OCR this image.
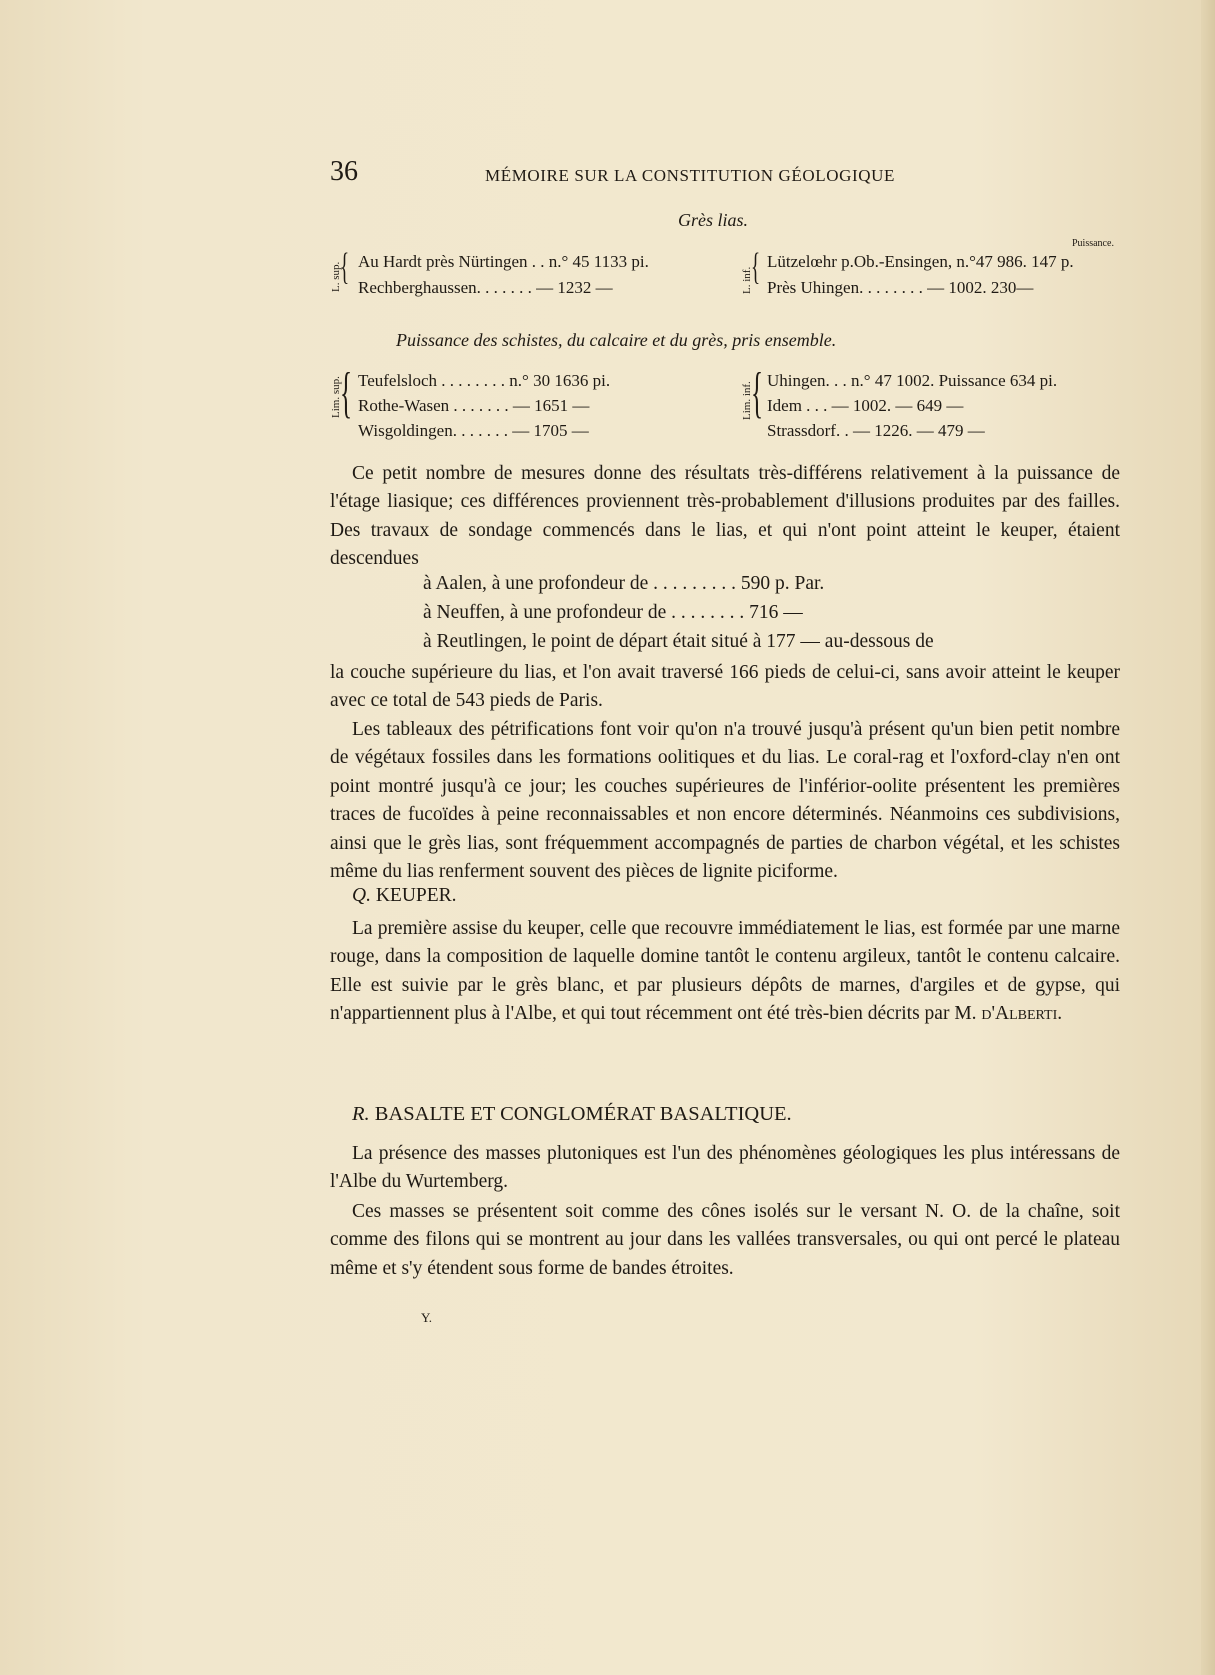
36	MÉMOIRE SUR LA CONSTITUTION GÉOLOGIQUE
Grès lias.
Puissance.
L. sup.
{ Au Hardt près Nürtingen . . n.° 45 1133 pi.
Rechberghaussen. . . . . . . — 1232 —	L. inf.
{ Lützelœhr p.Ob.-Ensingen, n.°47 986. 147 p.
Près Uhingen. . . . . . . . — 1002. 230—
Puissance des schistes, du calcaire et du grès, pris ensemble.
Lim. sup.
{ Teufelsloch . . . . . . . . n.° 30 1636 pi.
Rothe-Wasen . . . . . . . — 1651 —
Wisgoldingen. . . . . . . — 1705 —
Lim. inf.
{ Uhingen. . . n.° 47 1002. Puissance 634 pi.
Idem . . . — 1002. — 649 —
Strassdorf. . — 1226. — 479 —

Ce petit nombre de mesures donne des résultats très-différens relativement à la puissance de l'étage liasique; ces différences proviennent très-probablement d'illusions produites par des failles. Des travaux de sondage commencés dans le lias, et qui n'ont point atteint le keuper, étaient descendues

à Aalen, à une profondeur de . . . . . . . . . 590 p. Par.
à Neuffen, à une profondeur de . . . . . . . . 716 —
à Reutlingen, le point de départ était situé à 177 — au-dessous de

la couche supérieure du lias, et l'on avait traversé 166 pieds de celui-ci, sans avoir atteint le keuper avec ce total de 543 pieds de Paris.

Les tableaux des pétrifications font voir qu'on n'a trouvé jusqu'à présent qu'un bien petit nombre de végétaux fossiles dans les formations oolitiques et du lias. Le coral-rag et l'oxford-clay n'en ont point montré jusqu'à ce jour; les couches supérieures de l'inférior-oolite présentent les premières traces de fucoïdes à peine reconnaissables et non encore déterminés. Néanmoins ces subdivisions, ainsi que le grès lias, sont fréquemment accompagnés de parties de charbon végétal, et les schistes même du lias renferment souvent des pièces de lignite piciforme.

Q. KEUPER.

La première assise du keuper, celle que recouvre immédiatement le lias, est formée par une marne rouge, dans la composition de laquelle domine tantôt le contenu argileux, tantôt le contenu calcaire. Elle est suivie par le grès blanc, et par plusieurs dépôts de marnes, d'argiles et de gypse, qui n'appartiennent plus à l'Albe, et qui tout récemment ont été très-bien décrits par M. d'Alberti.

R. BASALTE ET CONGLOMÉRAT BASALTIQUE.

La présence des masses plutoniques est l'un des phénomènes géologiques les plus intéressans de l'Albe du Wurtemberg.

Ces masses se présentent soit comme des cônes isolés sur le versant N. O. de la chaîne, soit comme des filons qui se montrent au jour dans les vallées transversales, ou qui ont percé le plateau même et s'y étendent sous forme de bandes étroites.

Y.
